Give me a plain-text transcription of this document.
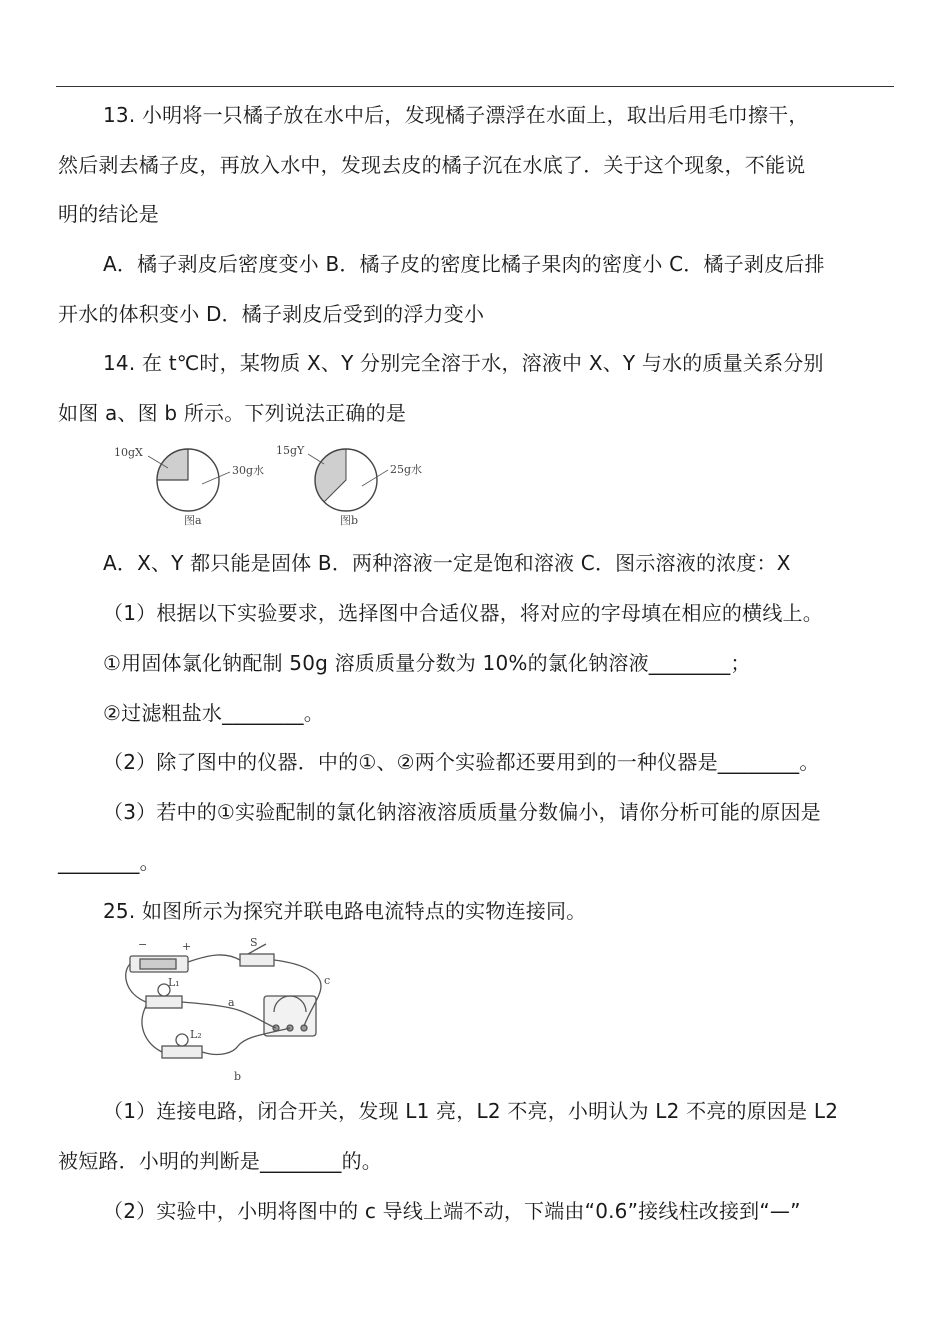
13. 小明将一只橘子放在水中后，发现橘子漂浮在水面上，取出后用毛巾擦干，
然后剥去橘子皮，再放入水中，发现去皮的橘子沉在水底了．关于这个现象，不能说
明的结论是
A．橘子剥皮后密度变小 B．橘子皮的密度比橘子果肉的密度小 C．橘子剥皮后排
开水的体积变小 D．橘子剥皮后受到的浮力变小
14. 在 t℃时，某物质 X、Y 分别完全溶于水，溶液中 X、Y 与水的质量关系分别
如图 a、图 b 所示。下列说法正确的是
10gX
30g水
图a
15gY
25g水
图b
A．X、Y 都只能是固体 B．两种溶液一定是饱和溶液 C．图示溶液的浓度：X
（1）根据以下实验要求，选择图中合适仪器，将对应的字母填在相应的横线上。
①用固体氯化钠配制 50g 溶质质量分数为 10%的氯化钠溶液________；
②过滤粗盐水________。
（2）除了图中的仪器．中的①、②两个实验都还要用到的一种仪器是________。
（3）若中的①实验配制的氯化钠溶液溶质质量分数偏小，请你分析可能的原因是
________。
25. 如图所示为探究并联电路电流特点的实物连接同。
−	+	S
L₁
L₂
a
b
c
（1）连接电路，闭合开关，发现 L1 亮，L2 不亮，小明认为 L2 不亮的原因是 L2
被短路．小明的判断是________的。
（2）实验中，小明将图中的 c 导线上端不动，下端由“0.6”接线柱改接到“—”
